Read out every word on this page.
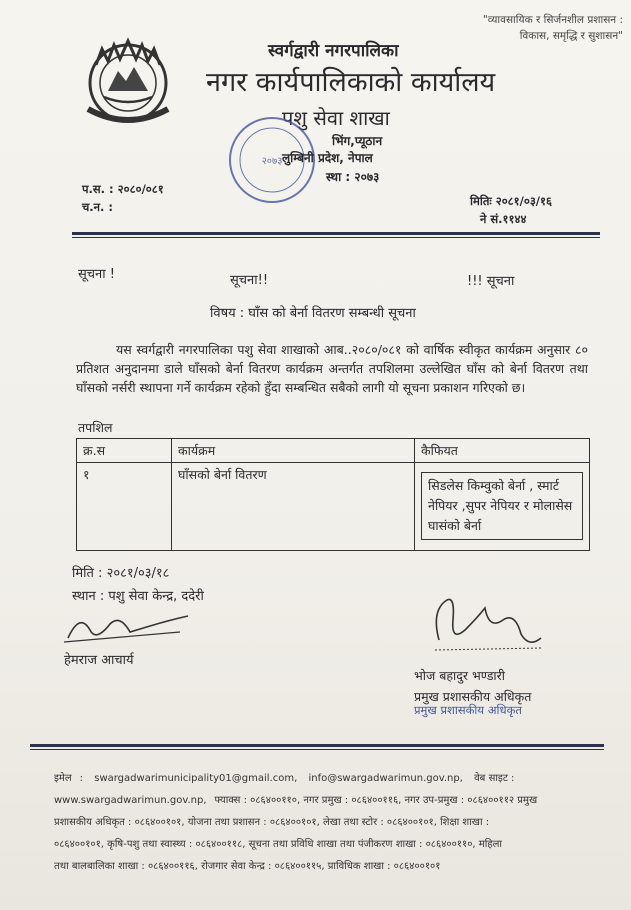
"व्यावसायिक र सिर्जनशील प्रशासन :
विकास, समृद्धि र सुशासन"
स्वर्गद्वारी नगरपालिका
नगर कार्यपालिकाको कार्यालय
पशु सेवा शाखा
२०७३
भिंग,प्यूठान
लुम्बिनी प्रदेश, नेपाल
स्था : २०७३
प.स. : २०८०/०८१
च.न. :	मितिः २०८१/०३/१६
ने सं.११४४
सूचना !	सूचना!!	!!! सूचना
विषय : घाँस को बेर्ना वितरण सम्बन्धी सूचना
यस स्वर्गद्वारी नगरपालिका पशु सेवा शाखाको आब..२०८०/०८१ को वार्षिक स्वीकृत कार्यक्रम अनुसार ८० प्रतिशत अनुदानमा डाले घाँसको बेर्ना वितरण कार्यक्रम अन्तर्गत तपशिलमा उल्लेखित घाँस को बेर्ना वितरण तथा घाँसको नर्सरी स्थापना गर्ने कार्यक्रम रहेको हुँदा सम्बन्धित सबैको लागी यो सूचना प्रकाशन गरिएको छ।
तपशिल
क्र.स	कार्यक्रम	कैफियत
१	घाँसको बेर्ना वितरण	सिडलेस किम्वुको बेर्ना , स्मार्ट नेपियर ,सुपर नेपियर र मोलासेस घासंको बेर्ना
मिति : २०८१/०३/१८
स्थान : पशु सेवा केन्द्र, ददेरी
हेमराज आचार्य
भोज बहादुर भण्डारी
प्रमुख प्रशासकीय अधिकृत
प्रमुख प्रशासकीय अधिकृत
इमेल : swargadwarimunicipality01@gmail.com, info@swargadwarimun.gov.np, वेब साइट :
www.swargadwarimun.gov.np, फ्याक्स : ०८६४००११०, नगर प्रमुख : ०८६४००११६, नगर उप-प्रमुख : ०८६४००११२ प्रमुख
प्रशासकीय अधिकृत : ०८६४००१०१, योजना तथा प्रशासन : ०८६४००१०१, लेखा तथा स्टोर : ०८६४००१०१, शिक्षा शाखा :
०८६४००१०१, कृषि-पशु तथा स्वास्थ्य : ०८६४००११८, सूचना तथा प्रविधि शाखा तथा पंजीकरण शाखा : ०८६४००११०, महिला
तथा बालबालिका शाखा : ०८६४००११६, रोजगार सेवा केन्द्र : ०८६४००११५, प्राविधिक शाखा : ०८६४००१०१
